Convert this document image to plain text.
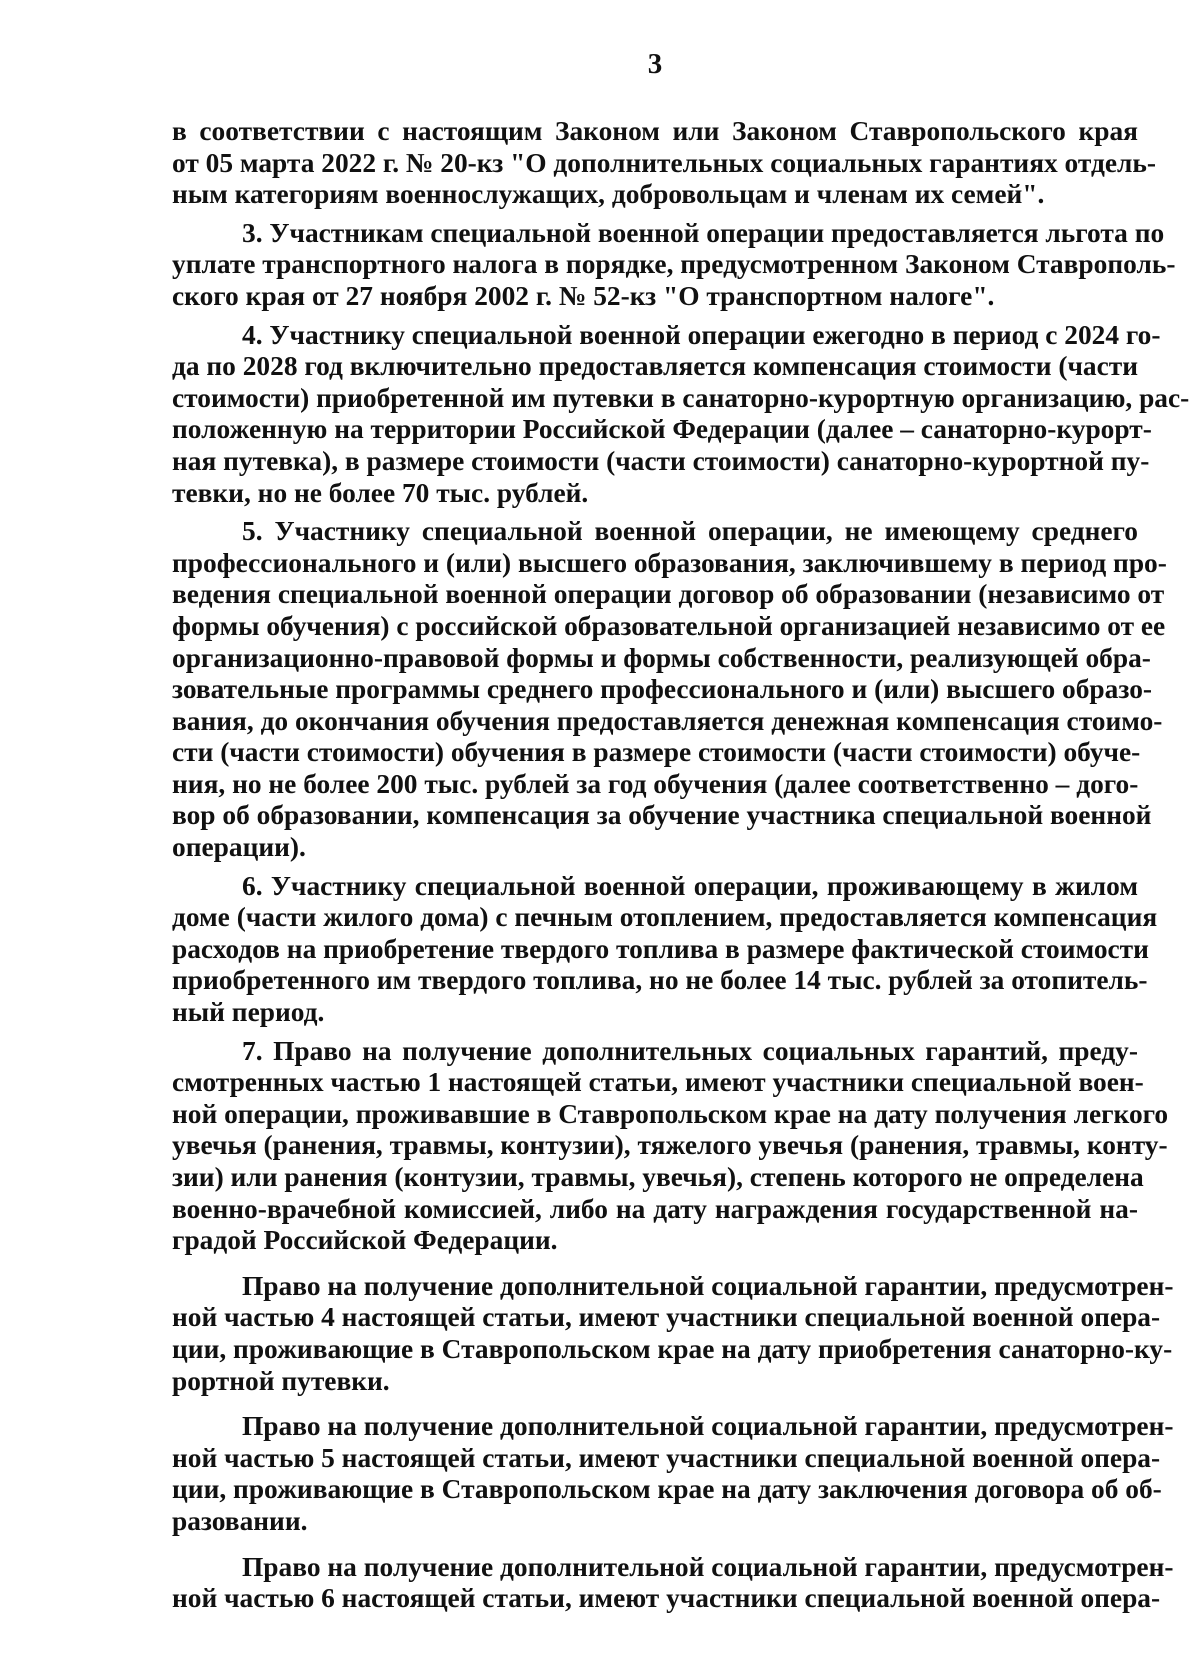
3
в соответствии с настоящим Законом или Законом Ставропольского края
от 05 марта 2022 г. № 20-кз "О дополнительных социальных гарантиях отдель-
ным категориям военнослужащих, добровольцам и членам их семей".
3. Участникам специальной военной операции предоставляется льгота по
уплате транспортного налога в порядке, предусмотренном Законом Ставрополь-
ского края от 27 ноября 2002 г. № 52-кз "О транспортном налоге".
4. Участнику специальной военной операции ежегодно в период с 2024 го-
да по 2028 год включительно предоставляется компенсация стоимости (части
стоимости) приобретенной им путевки в санаторно-курортную организацию, рас-
положенную на территории Российской Федерации (далее – санаторно-курорт-
ная путевка), в размере стоимости (части стоимости) санаторно-курортной пу-
тевки, но не более 70 тыс. рублей.
5. Участнику специальной военной операции, не имеющему среднего
профессионального и (или) высшего образования, заключившему в период про-
ведения специальной военной операции договор об образовании (независимо от
формы обучения) с российской образовательной организацией независимо от ее
организационно-правовой формы и формы собственности, реализующей обра-
зовательные программы среднего профессионального и (или) высшего образо-
вания, до окончания обучения предоставляется денежная компенсация стоимо-
сти (части стоимости) обучения в размере стоимости (части стоимости) обуче-
ния, но не более 200 тыс. рублей за год обучения (далее соответственно – дого-
вор об образовании, компенсация за обучение участника специальной военной
операции).
6. Участнику специальной военной операции, проживающему в жилом
доме (части жилого дома) с печным отоплением, предоставляется компенсация
расходов на приобретение твердого топлива в размере фактической стоимости
приобретенного им твердого топлива, но не более 14 тыс. рублей за отопитель-
ный период.
7. Право на получение дополнительных социальных гарантий, преду-
смотренных частью 1 настоящей статьи, имеют участники специальной воен-
ной операции, проживавшие в Ставропольском крае на дату получения легкого
увечья (ранения, травмы, контузии), тяжелого увечья (ранения, травмы, конту-
зии) или ранения (контузии, травмы, увечья), степень которого не определена
военно-врачебной комиссией, либо на дату награждения государственной на-
градой Российской Федерации.
Право на получение дополнительной социальной гарантии, предусмотрен-
ной частью 4 настоящей статьи, имеют участники специальной военной опера-
ции, проживающие в Ставропольском крае на дату приобретения санаторно-ку-
рортной путевки.
Право на получение дополнительной социальной гарантии, предусмотрен-
ной частью 5 настоящей статьи, имеют участники специальной военной опера-
ции, проживающие в Ставропольском крае на дату заключения договора об об-
разовании.
Право на получение дополнительной социальной гарантии, предусмотрен-
ной частью 6 настоящей статьи, имеют участники специальной военной опера-
